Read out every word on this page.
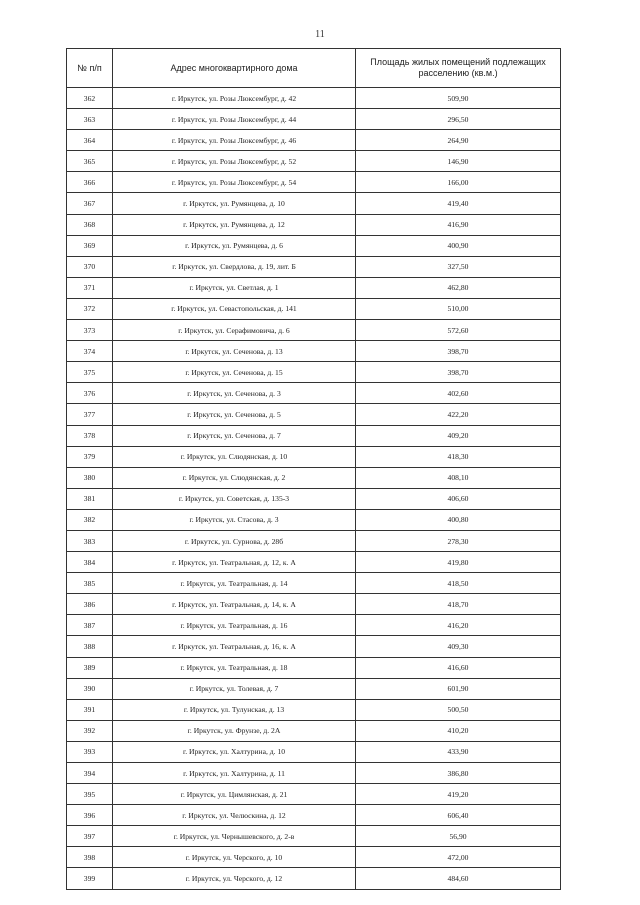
11
№ п/п	Адрес многоквартирного дома	Площадь жилых помещений подлежащих расселению (кв.м.)
362	г. Иркутск, ул. Розы Люксембург, д. 42	509,90
363	г. Иркутск, ул. Розы Люксембург, д. 44	296,50
364	г. Иркутск, ул. Розы Люксембург, д. 46	264,90
365	г. Иркутск, ул. Розы Люксембург, д. 52	146,90
366	г. Иркутск, ул. Розы Люксембург, д. 54	166,00
367	г. Иркутск, ул. Румянцева, д. 10	419,40
368	г. Иркутск, ул. Румянцева, д. 12	416,90
369	г. Иркутск, ул. Румянцева, д. 6	400,90
370	г. Иркутск, ул. Свердлова, д. 19, лит. Б	327,50
371	г. Иркутск, ул. Светлая, д. 1	462,80
372	г. Иркутск, ул. Севастопольская, д. 141	510,00
373	г. Иркутск, ул. Серафимовича, д. 6	572,60
374	г. Иркутск, ул. Сеченова, д. 13	398,70
375	г. Иркутск, ул. Сеченова, д. 15	398,70
376	г. Иркутск, ул. Сеченова, д. 3	402,60
377	г. Иркутск, ул. Сеченова, д. 5	422,20
378	г. Иркутск, ул. Сеченова, д. 7	409,20
379	г. Иркутск, ул. Слюдянская, д. 10	418,30
380	г. Иркутск, ул. Слюдянская, д. 2	408,10
381	г. Иркутск, ул. Советская, д. 135-3	406,60
382	г. Иркутск, ул. Стасова, д. 3	400,80
383	г. Иркутск, ул. Сурнова, д. 28б	278,30
384	г. Иркутск, ул. Театральная, д. 12, к. А	419,80
385	г. Иркутск, ул. Театральная, д. 14	418,50
386	г. Иркутск, ул. Театральная, д. 14, к. А	418,70
387	г. Иркутск, ул. Театральная, д. 16	416,20
388	г. Иркутск, ул. Театральная, д. 16, к. А	409,30
389	г. Иркутск, ул. Театральная, д. 18	416,60
390	г. Иркутск, ул. Толевая, д. 7	601,90
391	г. Иркутск, ул. Тулунская, д. 13	500,50
392	г. Иркутск, ул. Фрунзе, д. 2А	410,20
393	г. Иркутск, ул. Халтурина, д. 10	433,90
394	г. Иркутск, ул. Халтурина, д. 11	386,80
395	г. Иркутск, ул. Цимлянская, д. 21	419,20
396	г. Иркутск, ул. Челюскина, д. 12	606,40
397	г. Иркутск, ул. Чернышевского, д. 2-в	56,90
398	г. Иркутск, ул. Черского, д. 10	472,00
399	г. Иркутск, ул. Черского, д. 12	484,60
